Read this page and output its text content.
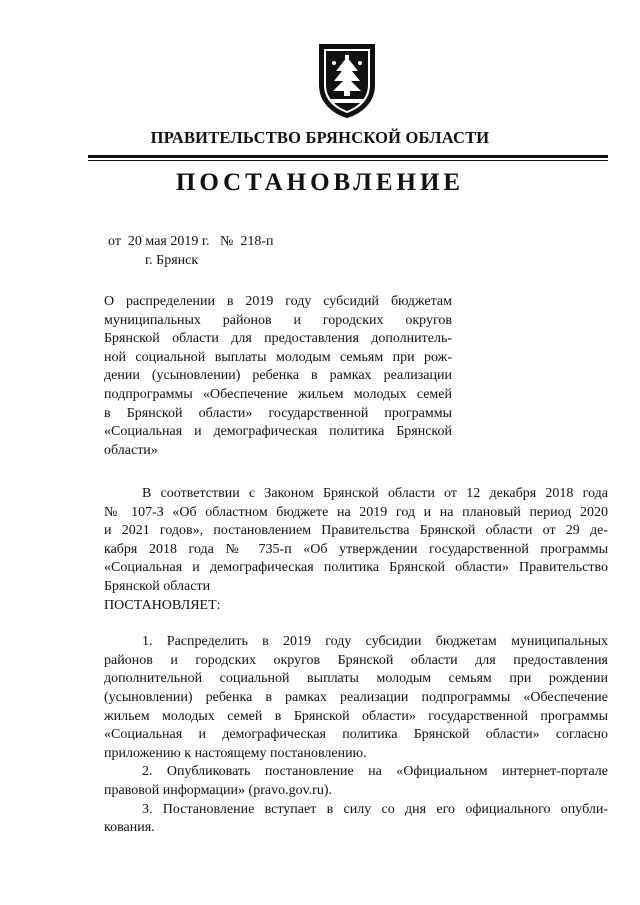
ПРАВИТЕЛЬСТВО БРЯНСКОЙ ОБЛАСТИ
ПОСТАНОВЛЕНИЕ
от  20 мая 2019 г.   №  218-п
г. Брянск
О распределении в 2019 году субсидий бюджетам
муниципальных районов и городских округов
Брянской области для предоставления дополнитель-
ной социальной выплаты молодым семьям при рож-
дении (усыновлении) ребенка в рамках реализации
подпрограммы «Обеспечение жильем молодых семей
в Брянской области» государственной программы
«Социальная и демографическая политика Брянской
области»
В соответствии с Законом Брянской области от 12 декабря 2018 года
№ 107-З «Об областном бюджете на 2019 год и на плановый период 2020
и 2021 годов», постановлением Правительства Брянской области от 29 де-
кабря 2018 года № 735-п «Об утверждении государственной программы
«Социальная и демографическая политика Брянской области» Правительство
Брянской области
ПОСТАНОВЛЯЕТ:
1. Распределить в 2019 году субсидии бюджетам муниципальных
районов и городских округов Брянской области для предоставления
дополнительной социальной выплаты молодым семьям при рождении
(усыновлении) ребенка в рамках реализации подпрограммы «Обеспечение
жильем молодых семей в Брянской области» государственной программы
«Социальная и демографическая политика Брянской области» согласно
приложению к настоящему постановлению.
2. Опубликовать постановление на «Официальном интернет-портале
правовой информации» (pravo.gov.ru).
3. Постановление вступает в силу со дня его официального опубли-
кования.
